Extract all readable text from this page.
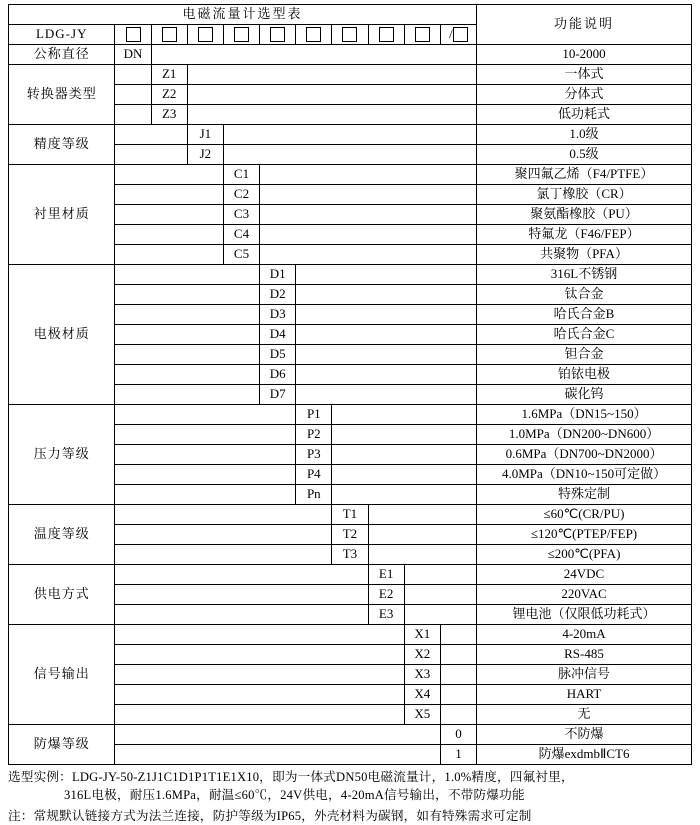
电磁流量计选型表											功能说明
LDG-JY										/	
公称直径	DN										10-2000
转换器类型		Z1									一体式
		Z2									分体式
		Z3									低功耗式
精度等级			J1								1.0级
			J2								0.5级
衬里材质				C1							聚四氟乙烯（F4/PTFE）
				C2							氯丁橡胶（CR）
				C3							聚氨酯橡胶（PU）
				C4							特氟龙（F46/FEP）
				C5							共聚物（PFA）
电极材质					D1						316L不锈钢
					D2						钛合金
					D3						哈氏合金B
					D4						哈氏合金C
					D5						钽合金
					D6						铂铱电极
					D7						碳化钨
压力等级						P1					1.6MPa（DN15~150）
						P2					1.0MPa（DN200~DN600）
						P3					0.6MPa（DN700~DN2000）
						P4					4.0MPa（DN10~150可定做）
						Pn					特殊定制
温度等级							T1				≤60℃(CR/PU)
							T2				≤120℃(PTEP/FEP)
							T3				≤200℃(PFA)
供电方式								E1			24VDC
								E2			220VAC
								E3			锂电池（仅限低功耗式）
信号输出									X1		4-20mA
									X2		RS-485
									X3		脉冲信号
									X4		HART
									X5		无
防爆等级										0	不防爆
										1	防爆exdmbⅡCT6

选型实例：LDG-JY-50-Z1J1C1D1P1T1E1X10，即为一体式DN50电磁流量计，1.0%精度，四氟衬里，

316L电极，耐压1.6MPa，耐温≤60℃，24V供电，4-20mA信号输出，不带防爆功能

注：常规默认链接方式为法兰连接，防护等级为IP65，外壳材料为碳钢，如有特殊需求可定制
